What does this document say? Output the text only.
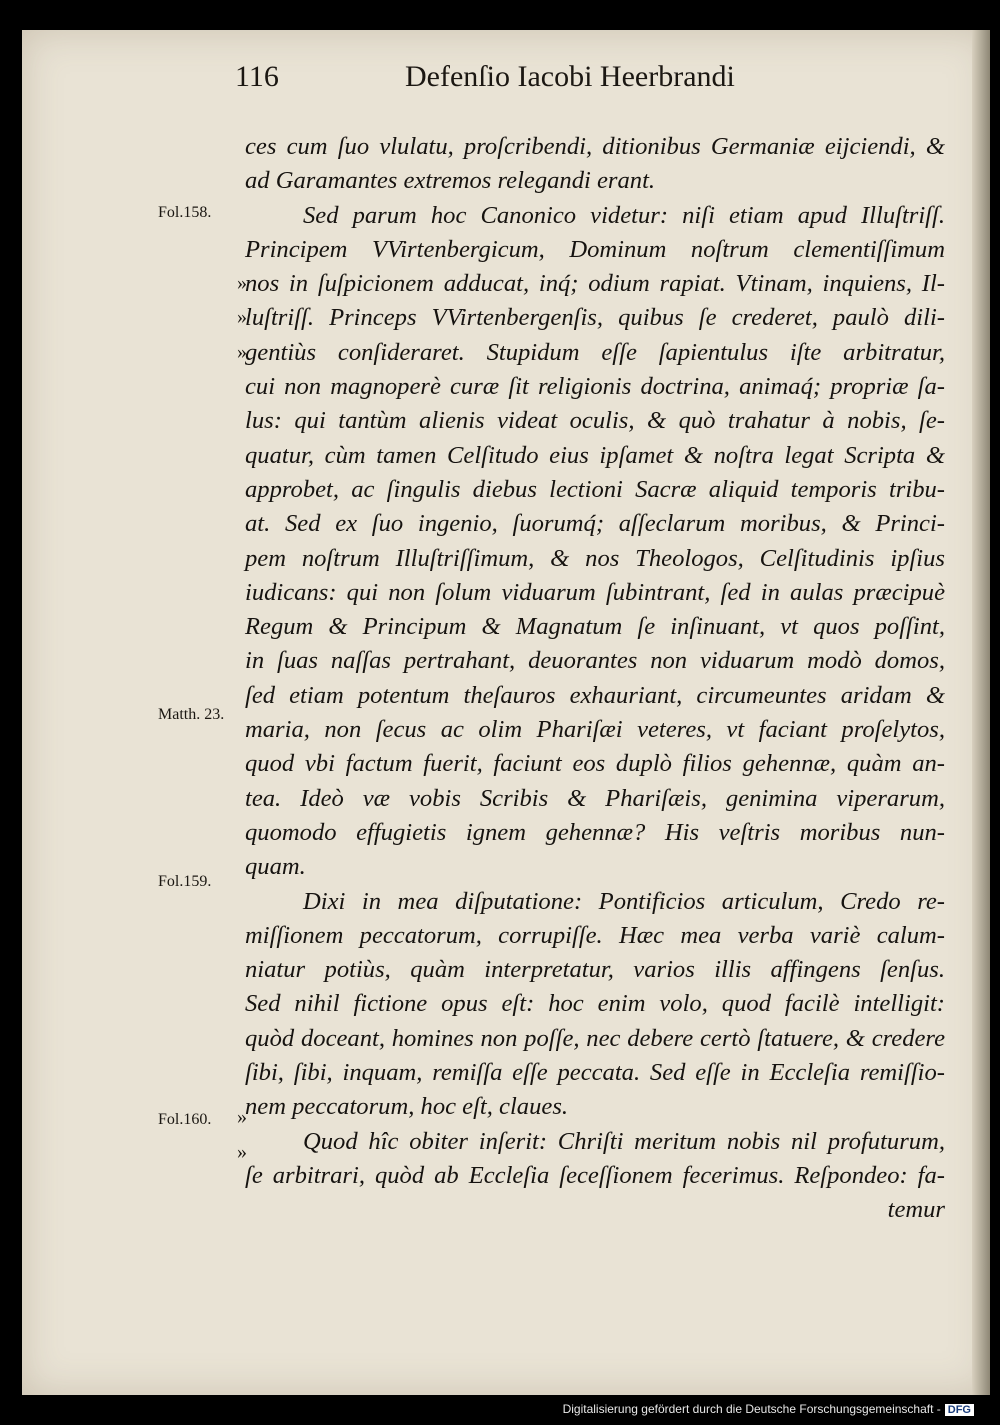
116	Defenſio Iacobi Heerbrandi
Fol.158.
Matth. 23.
Fol.159.
Fol.160.
»
»
»
»
»
ces cum ſuo vlulatu, proſcribendi, ditionibus Germaniæ eijciendi, &
ad Garamantes extremos relegandi erant.
Sed parum hoc Canonico videtur: niſi etiam apud Illuſtriſſ.
Principem VVirtenbergicum, Dominum noſtrum clementiſſimum
nos in ſuſpicionem adducat, inq́; odium rapiat. Vtinam, inquiens, Il-
luſtriſſ. Princeps VVirtenbergenſis, quibus ſe crederet, paulò dili-
gentiùs conſideraret. Stupidum eſſe ſapientulus iſte arbitratur,
cui non magnoperè curæ ſit religionis doctrina, animaq́; propriæ ſa-
lus: qui tantùm alienis videat oculis, & quò trahatur à nobis, ſe-
quatur, cùm tamen Celſitudo eius ipſamet & noſtra legat Scripta &
approbet, ac ſingulis diebus lectioni Sacræ aliquid temporis tribu-
at. Sed ex ſuo ingenio, ſuorumq́; aſſeclarum moribus, & Princi-
pem noſtrum Illuſtriſſimum, & nos Theologos, Celſitudinis ipſius
iudicans: qui non ſolum viduarum ſubintrant, ſed in aulas præcipuè
Regum & Principum & Magnatum ſe inſinuant, vt quos poſſint,
in ſuas naſſas pertrahant, deuorantes non viduarum modò domos,
ſed etiam potentum theſauros exhauriant, circumeuntes aridam &
maria, non ſecus ac olim Phariſæi veteres, vt faciant proſelytos,
quod vbi factum fuerit, faciunt eos duplò filios gehennæ, quàm an-
tea. Ideò væ vobis Scribis & Phariſæis, genimina viperarum,
quomodo effugietis ignem gehennæ? His veſtris moribus nun-
quam.
Dixi in mea diſputatione: Pontificios articulum, Credo re-
miſſionem peccatorum, corrupiſſe. Hæc mea verba variè calum-
niatur potiùs, quàm interpretatur, varios illis affingens ſenſus.
Sed nihil fictione opus eſt: hoc enim volo, quod facilè intelligit:
quòd doceant, homines non poſſe, nec debere certò ſtatuere, & credere
ſibi, ſibi, inquam, remiſſa eſſe peccata. Sed eſſe in Eccleſia remiſſio-
nem peccatorum, hoc eſt, claues.
Quod hîc obiter inſerit: Chriſti meritum nobis nil profuturum,
ſe arbitrari, quòd ab Eccleſia ſeceſſionem fecerimus. Reſpondeo: fa-
temur
Digitalisierung gefördert durch die Deutsche Forschungsgemeinschaft - DFG
